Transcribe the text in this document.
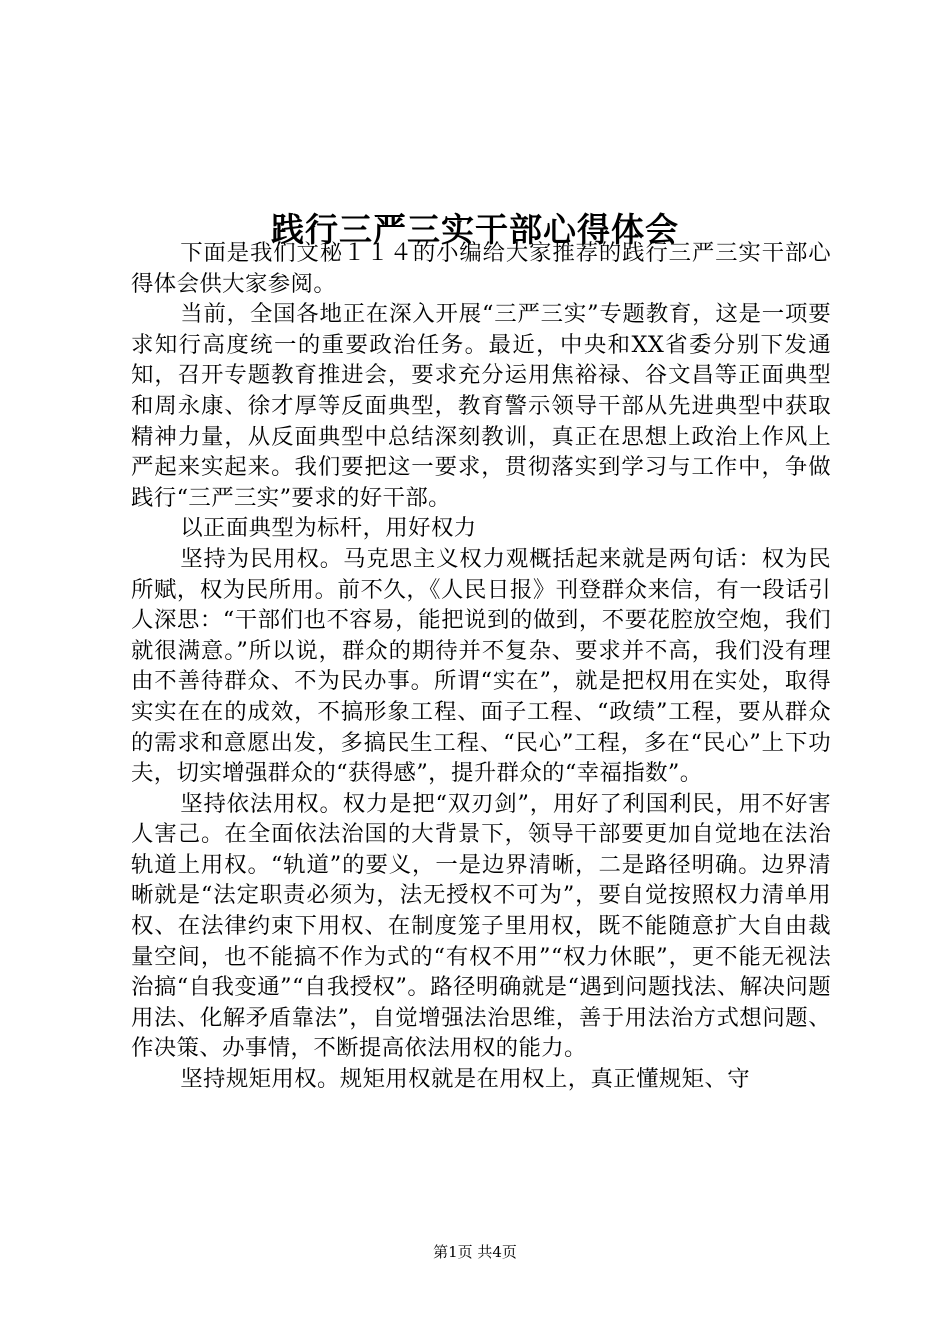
践行三严三实干部心得体会

下面是我们文秘１１４的小编给大家推荐的践行三严三实干部心得体会供大家参阅。

当前，全国各地正在深入开展“三严三实”专题教育，这是一项要求知行高度统一的重要政治任务。最近，中央和XX省委分别下发通知，召开专题教育推进会，要求充分运用焦裕禄、谷文昌等正面典型和周永康、徐才厚等反面典型，教育警示领导干部从先进典型中获取精神力量，从反面典型中总结深刻教训，真正在思想上政治上作风上严起来实起来。我们要把这一要求，贯彻落实到学习与工作中，争做践行“三严三实”要求的好干部。

以正面典型为标杆，用好权力

坚持为民用权。马克思主义权力观概括起来就是两句话：权为民所赋，权为民所用。前不久，《人民日报》刊登群众来信，有一段话引人深思：“干部们也不容易，能把说到的做到，不要花腔放空炮，我们就很满意。”所以说，群众的期待并不复杂、要求并不高，我们没有理由不善待群众、不为民办事。所谓“实在”，就是把权用在实处，取得实实在在的成效，不搞形象工程、面子工程、“政绩”工程，要从群众的需求和意愿出发，多搞民生工程、“民心”工程，多在“民心”上下功夫，切实增强群众的“获得感”，提升群众的“幸福指数”。

坚持依法用权。权力是把“双刃剑”，用好了利国利民，用不好害人害己。在全面依法治国的大背景下，领导干部要更加自觉地在法治轨道上用权。“轨道”的要义，一是边界清晰，二是路径明确。边界清晰就是“法定职责必须为，法无授权不可为”，要自觉按照权力清单用权、在法律约束下用权、在制度笼子里用权，既不能随意扩大自由裁量空间，也不能搞不作为式的“有权不用”“权力休眠”，更不能无视法治搞“自我变通”“自我授权”。路径明确就是“遇到问题找法、解决问题用法、化解矛盾靠法”，自觉增强法治思维，善于用法治方式想问题、作决策、办事情，不断提高依法用权的能力。

坚持规矩用权。规矩用权就是在用权上，真正懂规矩、守

第1页 共4页
